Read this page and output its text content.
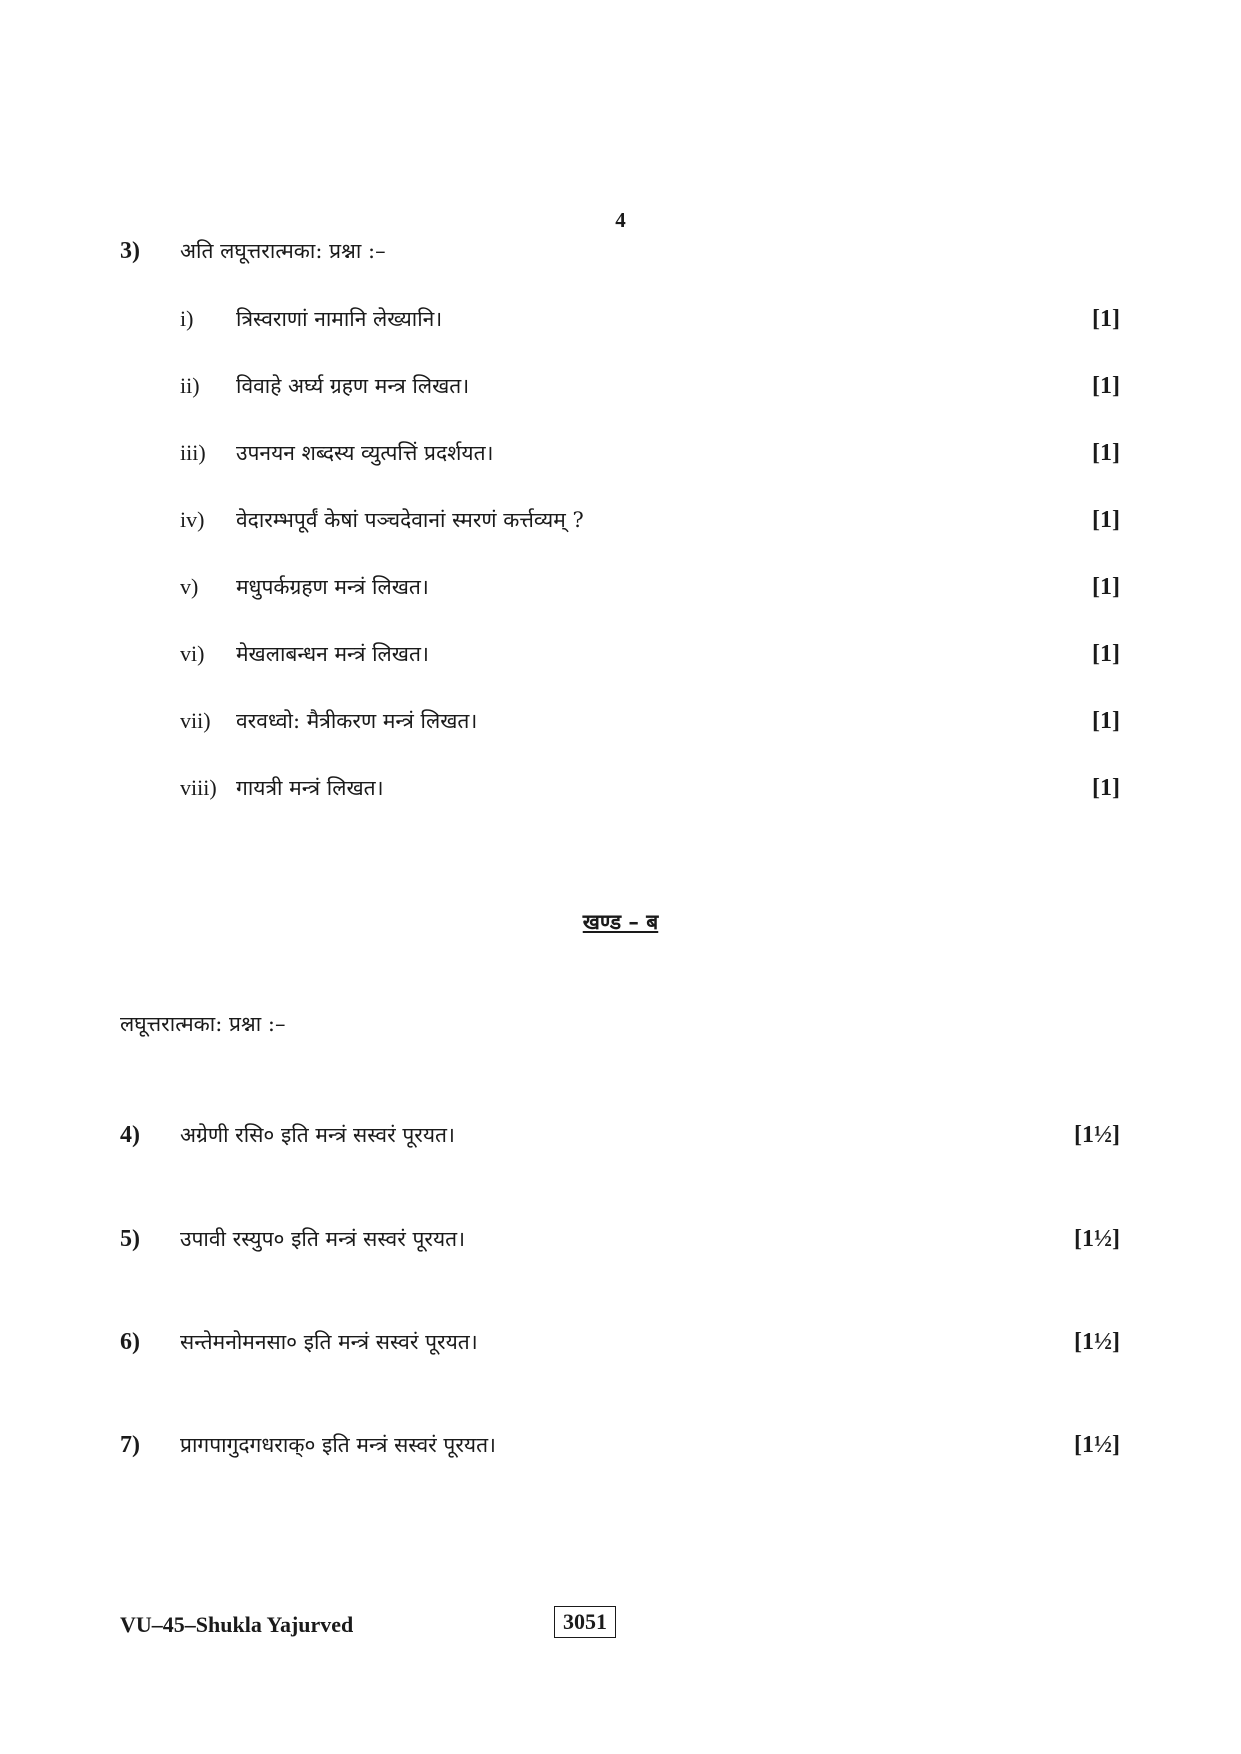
4
3)	अति लघूत्तरात्मका: प्रश्ना :–
i)	त्रिस्वराणां नामानि लेख्यानि।	[1]
ii)	विवाहे अर्घ्य ग्रहण मन्त्र लिखत।	[1]
iii)	उपनयन शब्दस्य व्युत्पत्तिं प्रदर्शयत।	[1]
iv)	वेदारम्भपूर्वं केषां पञ्चदेवानां स्मरणं कर्त्तव्यम् ?	[1]
v)	मधुपर्कग्रहण मन्त्रं लिखत।	[1]
vi)	मेखलाबन्धन मन्त्रं लिखत।	[1]
vii)	वरवध्वो: मैत्रीकरण मन्त्रं लिखत।	[1]
viii) गायत्री मन्त्रं लिखत।	[1]
खण्ड – ब
लघूत्तरात्मका: प्रश्ना :–
4)	अग्रेणी रसि० इति मन्त्रं सस्वरं पूरयत।	[1½]
5)	उपावी रस्युप० इति मन्त्रं सस्वरं पूरयत।	[1½]
6)	सन्तेमनोमनसा० इति मन्त्रं सस्वरं पूरयत।	[1½]
7)	प्रागपागुदगधराक्० इति मन्त्रं सस्वरं पूरयत।	[1½]
VU–45–Shukla Yajurved	3051
